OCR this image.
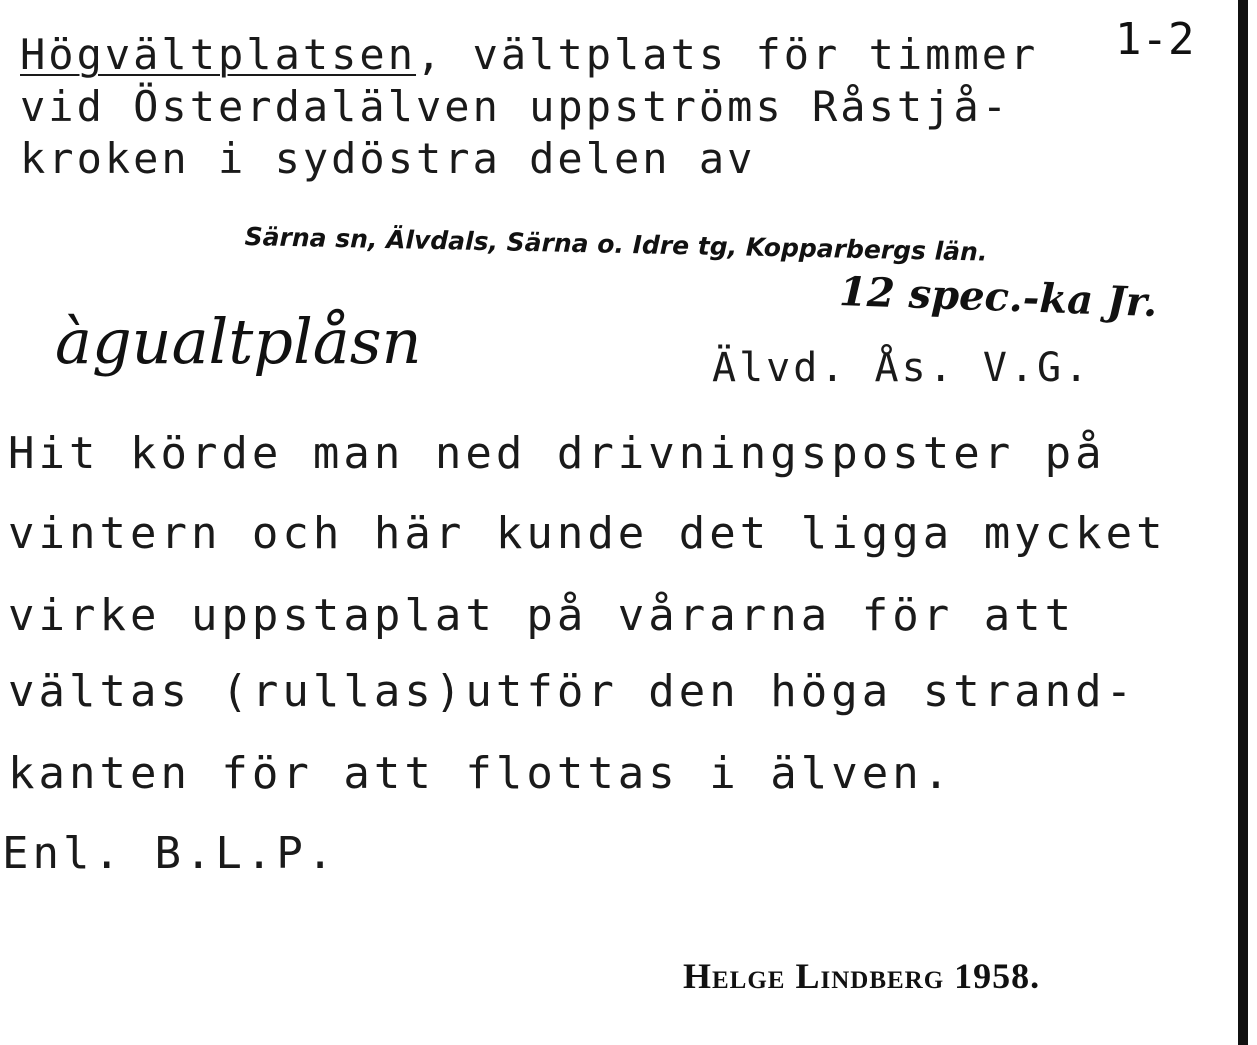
1-2
Högvältplatsen, vältplats för timmer
vid Österdalälven uppströms Råstjå-
kroken i sydöstra delen av
Särna sn, Älvdals, Särna o. Idre tg, Kopparbergs län.
12 spec.-ka Jr.
àgualtplåsn	Älvd. Ås. V.G.
Hit körde man ned drivningsposter på
vintern och här kunde det ligga mycket
virke uppstaplat på vårarna för att
vältas (rullas)utför den höga strand-
kanten för att flottas i älven.
Enl. B.L.P.
Helge Lindberg 1958.
